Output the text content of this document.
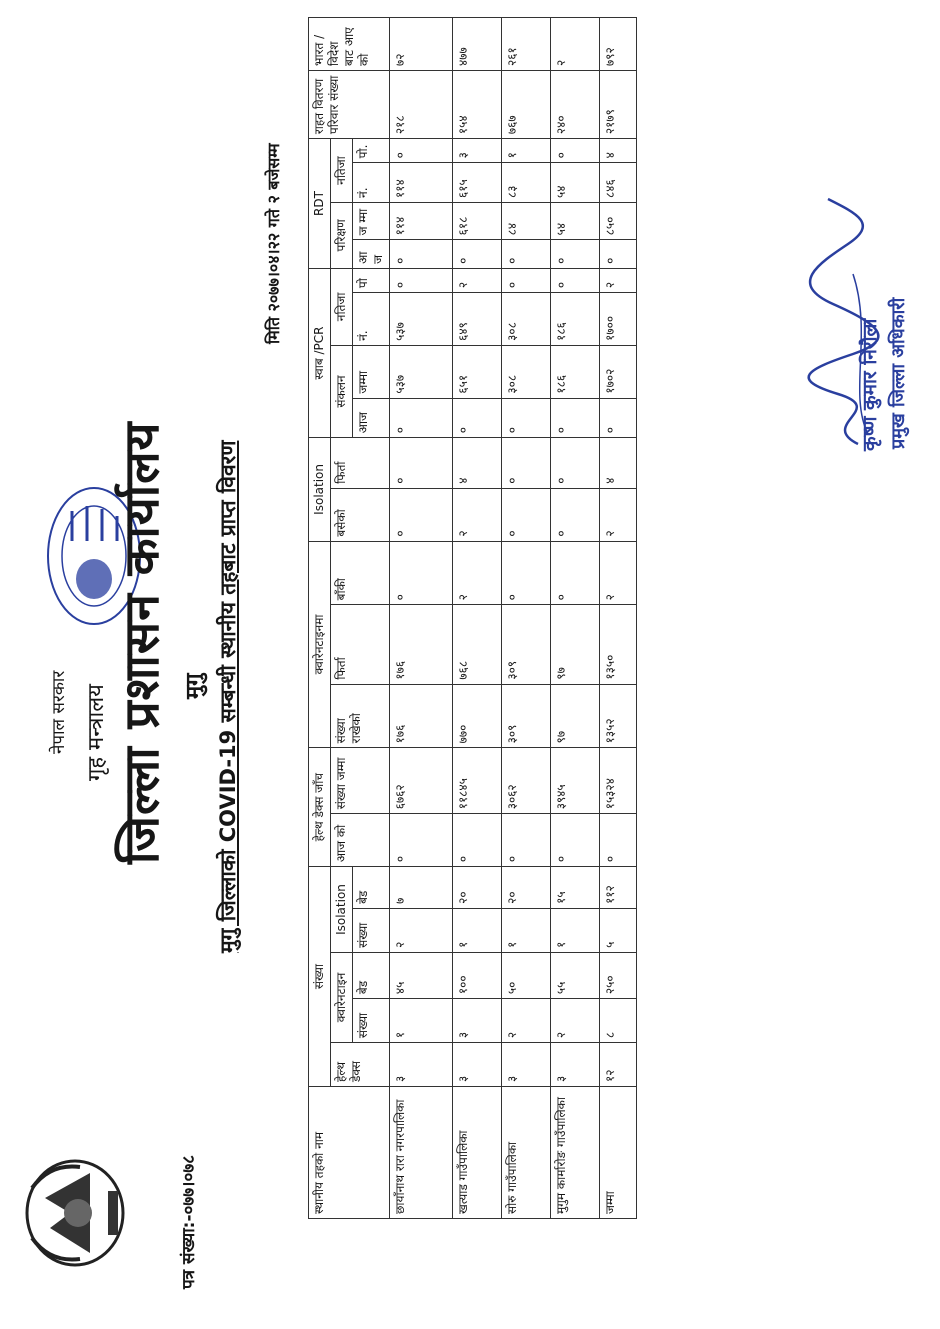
नेपाल सरकार गृह मन्त्रालय जिल्ला प्रशासन कार्यालय मुगु मुगु जिल्लाको COVID-19 सम्बन्धी स्थानीय तहबाट प्राप्त विवरण
मिति २०७७।०४।२२ गते २ बजेसम्म
पत्र संख्या:-०७७।०७८	स्थानीय तहको नाम	संख्या					हेल्थ डेक्स जाँच		क्वारेनटाइनमा			Isolation		स्वाब /PCR				RDT				राहत वितरण परिवार संख्या	भारत /विदेश बाट आए को
	हेल्थ डेक्स	क्वारेनटाइन		Isolation		आज को	संख्या जम्मा	संख्या राखेको	फिर्ता	बाँकी	बसेको	फिर्ता	संकलन		नतिजा		परिक्षण		नतिजा			
		संख्या	बेड	संख्या	बेड								आज	जम्मा	नं.	पो	आ ज	ज म्मा	नं.	पो.		
छायाँनाथ रारा नगरपालिका	३	१	४५	२	७	०	६७६२	१७६	१७६	०	०	०	०	५३७	५३७	०	०	११४	११४	०	२१८	७२
खत्याड गाउँपालिका	३	३	१००	१	२०	०	११८४५	७७०	७६८	२	२	४	०	६५१	६४९	२	०	६१८	६१५	३	१५४	४७७
सोरु गाउँपालिका	३	२	५०	१	२०	०	३०६२	३०९	३०९	०	०	०	०	३०८	३०८	०	०	८४	८३	१	७६७	२६१
मुगुम कार्मारोङ गाउँपालिका	३	२	५५	१	१५	०	३९४५	९७	९७	०	०	०	०	१८६	१८६	०	०	५४	५४	०	२४०	२
जम्मा	१२	८	२५०	५	११२	०	१५३२४	१३५२	१३५०	२	२	४	०	१७०२	१७००	२	०	८५०	८४६	४	२१७९	७९२
कृष्ण कुमार निरौला प्रमुख जिल्ला अधिकारी
